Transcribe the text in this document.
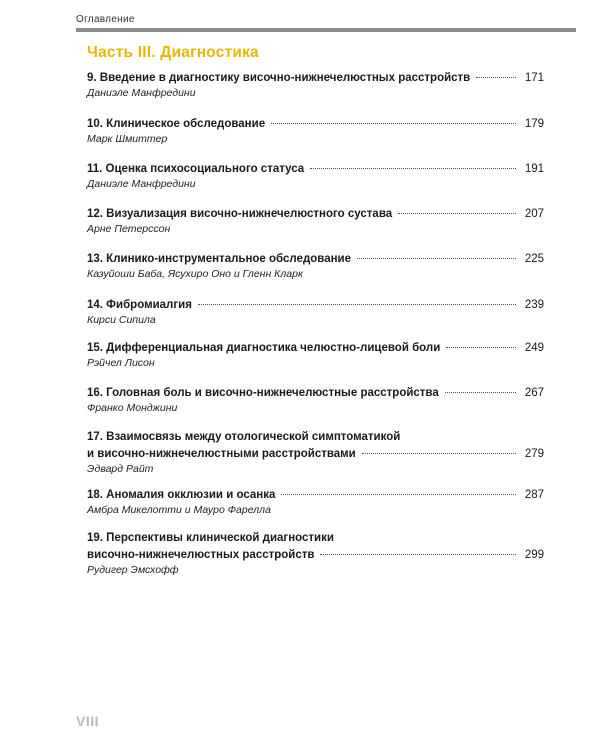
Оглавление
Часть III. Диагностика
9. Введение в диагностику височно-нижнечелюстных расстройств	171
Даниэле Манфредини
10. Клиническое обследование	179
Марк Шмиттер
11. Оценка психосоциального статуса	191
Даниэле Манфредини
12. Визуализация височно-нижнечелюстного сустава	207
Арне Петерссон
13. Клинико-инструментальное обследование	225
Казуйоши Баба, Ясухиро Оно и Гленн Кларк
14. Фибромиалгия	239
Кирси Сипила
15. Дифференциальная диагностика челюстно-лицевой боли	249
Рэйчел Лисон
16. Головная боль и височно-нижнечелюстные расстройства	267
Франко Монджини
17. Взаимосвязь между отологической симптоматикой
и височно-нижнечелюстными расстройствами	279
Эдвард Райт
18. Аномалия окклюзии и осанка	287
Амбра Микелотти и Мауро Фарелла
19. Перспективы клинической диагностики
височно-нижнечелюстных расстройств	299
Рудигер Эмсхофф
VIII
